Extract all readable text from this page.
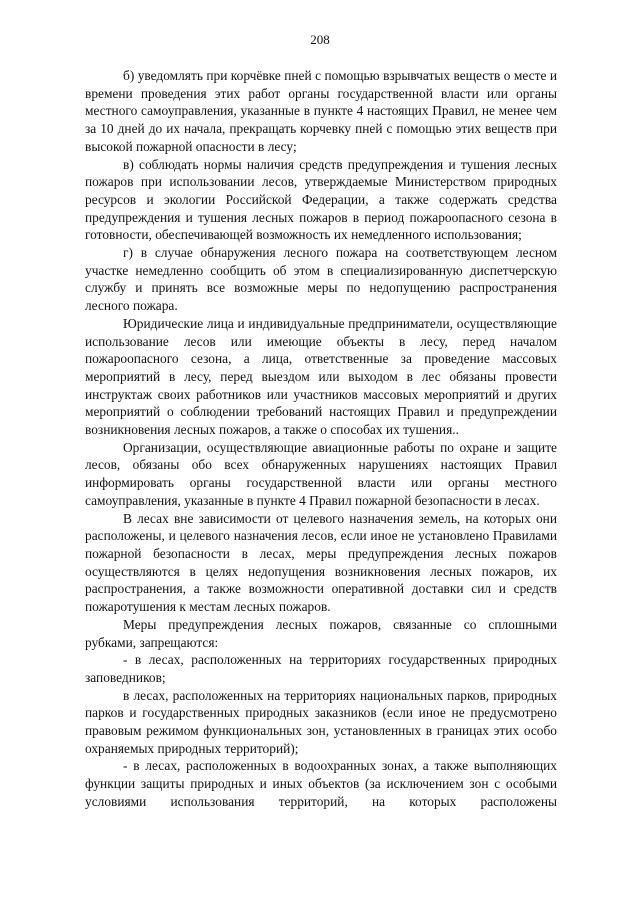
208

б) уведомлять при корчёвке пней с помощью взрывчатых веществ о месте и времени проведения этих работ органы государственной власти или органы местного самоуправления, указанные в пункте 4 настоящих Правил, не менее чем за 10 дней до их начала, прекращать корчевку пней с помощью этих веществ при высокой пожарной опасности в лесу;

в) соблюдать нормы наличия средств предупреждения и тушения лесных пожаров при использовании лесов, утверждаемые Министерством природных ресурсов и экологии Российской Федерации, а также содержать средства предупреждения и тушения лесных пожаров в период пожароопасного сезона в готовности, обеспечивающей возможность их немедленного использования;

г) в случае обнаружения лесного пожара на соответствующем лесном участке немедленно сообщить об этом в специализированную диспетчерскую службу и принять все возможные меры по недопущению распространения лесного пожара.

Юридические лица и индивидуальные предприниматели, осуществляющие использование лесов или имеющие объекты в лесу, перед началом пожароопасного сезона, а лица, ответственные за проведение массовых мероприятий в лесу, перед выездом или выходом в лес обязаны провести инструктаж своих работников или участников массовых мероприятий и других мероприятий о соблюдении требований настоящих Правил и предупреждении возникновения лесных пожаров, а также о способах их тушения..

Организации, осуществляющие авиационные работы по охране и защите лесов, обязаны обо всех обнаруженных нарушениях настоящих Правил информировать органы государственной власти или органы местного самоуправления, указанные в пункте 4 Правил пожарной безопасности в лесах.

В лесах вне зависимости от целевого назначения земель, на которых они расположены, и целевого назначения лесов, если иное не установлено Правилами пожарной безопасности в лесах, меры предупреждения лесных пожаров осуществляются в целях недопущения возникновения лесных пожаров, их распространения, а также возможности оперативной доставки сил и средств пожаротушения к местам лесных пожаров.

Меры предупреждения лесных пожаров, связанные со сплошными рубками, запрещаются:

- в лесах, расположенных на территориях государственных природных заповедников;

в лесах, расположенных на территориях национальных парков, природных парков и государственных природных заказников (если иное не предусмотрено правовым режимом функциональных зон, установленных в границах этих особо охраняемых природных территорий);

- в лесах, расположенных в водоохранных зонах, а также выполняющих функции защиты природных и иных объектов (за исключением зон с особыми условиями использования территорий, на которых расположены
